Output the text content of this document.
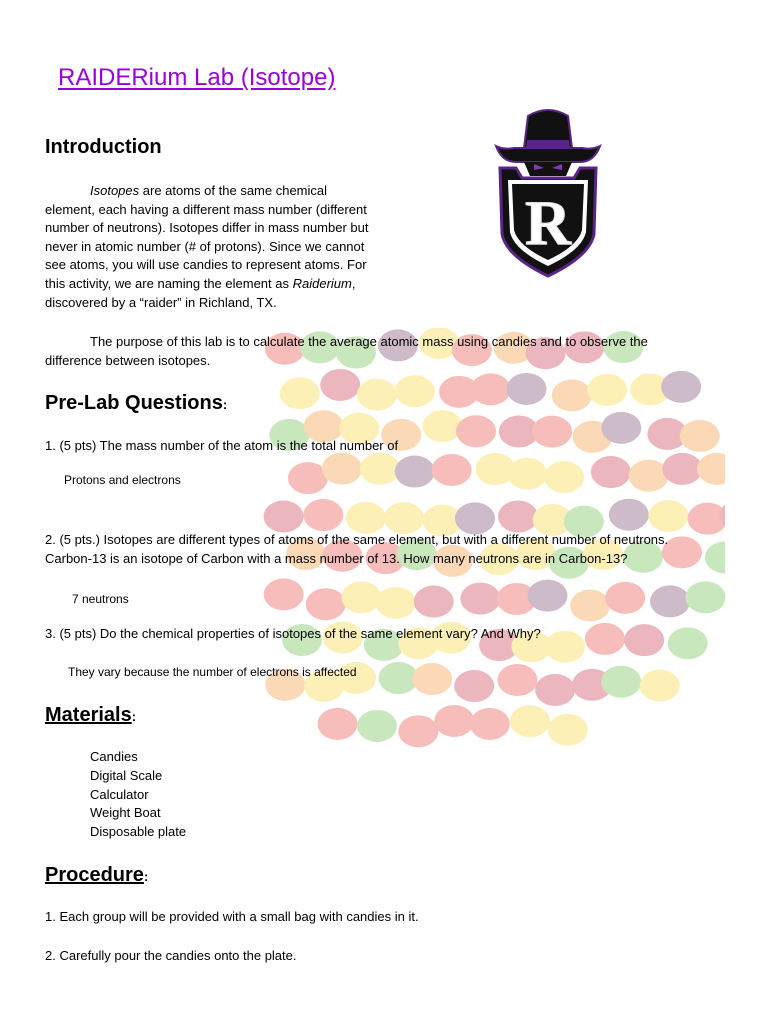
RAIDERium Lab (Isotope)
Introduction

Isotopes are atoms of the same chemical

element, each having a different mass number (different

number of neutrons). Isotopes differ in mass number but

never in atomic number (# of protons). Since we cannot

see atoms, you will use candies to represent atoms. For

this activity, we are naming the element as Raiderium,

discovered by a “raider” in Richland, TX.

R

The purpose of this lab is to calculate the average atomic mass using candies and to observe the

difference between isotopes.

Pre-Lab Questions:

1. (5 pts) The mass number of the atom is the total number of

Protons and electrons

2. (5 pts.) Isotopes are different types of atoms of the same element, but with a different number of neutrons.

Carbon-13 is an isotope of Carbon with a mass number of 13. How many neutrons are in Carbon-13?

7 neutrons

3. (5 pts) Do the chemical properties of isotopes of the same element vary? And Why?

They vary because the number of electrons is affected

Materials:
Candies
Digital Scale
Calculator
Weight Boat
Disposable plate
Procedure:

1. Each group will be provided with a small bag with candies in it.

2. Carefully pour the candies onto the plate.
